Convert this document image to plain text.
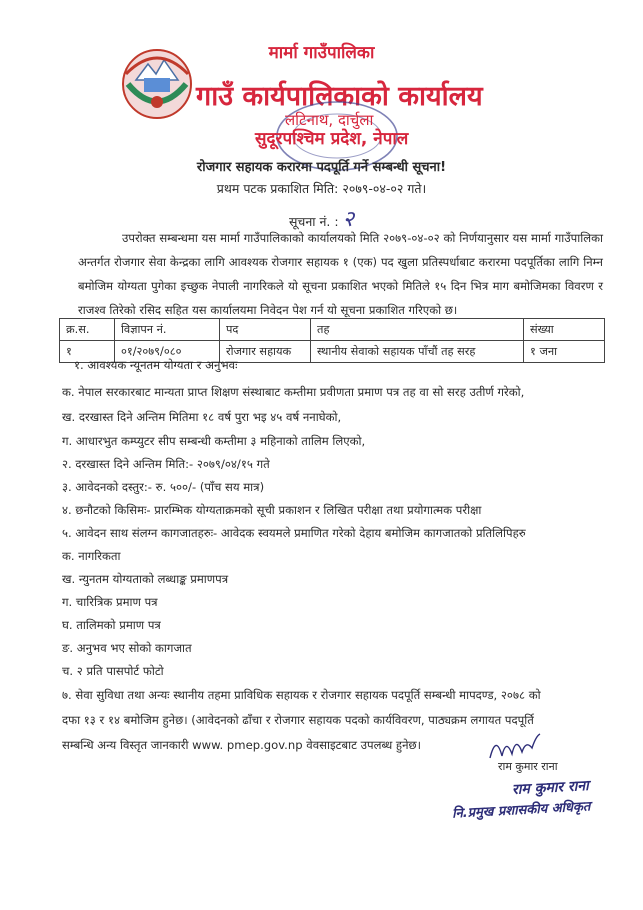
मार्मा गाउँपालिका
गाउँ कार्यपालिकाको कार्यालय
लटिनाथ, दार्चुला
सुदूरपश्चिम प्रदेश, नेपाल
रोजगार सहायक करारमा पदपूर्ति गर्ने सम्बन्धी सूचना!
प्रथम पटक प्रकाशित मिति: २०७९-०४-०२ गते।
सूचना नं. : २
उपरोक्त सम्बन्धमा यस मार्मा गाउँपालिकाको कार्यालयको मिति २०७९-०४-०२ को निर्णयानुसार यस मार्मा गाउँपालिका अन्तर्गत रोजगार सेवा केन्द्रका लागि आवश्यक रोजगार सहायक १ (एक) पद खुला प्रतिस्पर्धाबाट करारमा पदपूर्तिका लागि निम्न बमोजिम योग्यता पुगेका इच्छुक नेपाली नागरिकले यो सूचना प्रकाशित भएको मितिले १५ दिन भित्र माग बमोजिमका विवरण र राजश्व तिरेको रसिद सहित यस कार्यालयमा निवेदन पेश गर्न यो सूचना प्रकाशित गरिएको छ।
क्र.स.	विज्ञापन नं.	पद	तह	संख्या
१	०१/२०७९/०८०	रोजगार सहायक	स्थानीय सेवाको सहायक पाँचौं तह सरह	१ जना
१. आवश्यक न्यूनतम योग्यता र अनुभवः
क. नेपाल सरकारबाट मान्यता प्राप्त शिक्षण संस्थाबाट कम्तीमा प्रवीणता प्रमाण पत्र तह वा सो सरह उतीर्ण गरेको,
ख. दरखास्त दिने अन्तिम मितिमा १८ वर्ष पुरा भइ ४५ वर्ष ननाघेको,
ग. आधारभुत कम्प्युटर सीप सम्बन्धी कम्तीमा ३ महिनाको तालिम लिएको,
२. दरखास्त दिने अन्तिम मिति:- २०७९/०४/१५ गते
३. आवेदनको दस्तुर:- रु. ५००/- (पाँच सय मात्र)
४. छनौटको किसिमः- प्रारम्भिक योग्यताक्रमको सूची प्रकाशन र लिखित परीक्षा तथा प्रयोगात्मक परीक्षा
५. आवेदन साथ संलग्न कागजातहरुः- आवेदक स्वयमले प्रमाणित गरेको देहाय बमोजिम कागजातको प्रतिलिपिहरु
क. नागरिकता
ख. न्युनतम योग्यताको लब्धाङ्क प्रमाणपत्र
ग. चारित्रिक प्रमाण पत्र
घ. तालिमको प्रमाण पत्र
ङ. अनुभव भए सोको कागजात
च. २ प्रति पासपोर्ट फोटो
७. सेवा सुविधा तथा अन्यः स्थानीय तहमा प्राविधिक सहायक र रोजगार सहायक पदपूर्ति सम्बन्धी मापदण्ड, २०७८ को
दफा १३ र १४ बमोजिम हुनेछ। (आवेदनको ढाँचा र रोजगार सहायक पदको कार्यविवरण, पाठ्यक्रम लगायत पदपूर्ति
सम्बन्धि अन्य विस्तृत जानकारी www. pmep.gov.np वेवसाइटबाट उपलब्ध हुनेछ।
राम कुमार राना
राम कुमार राना
नि.प्रमुख प्रशासकीय अधिकृत
